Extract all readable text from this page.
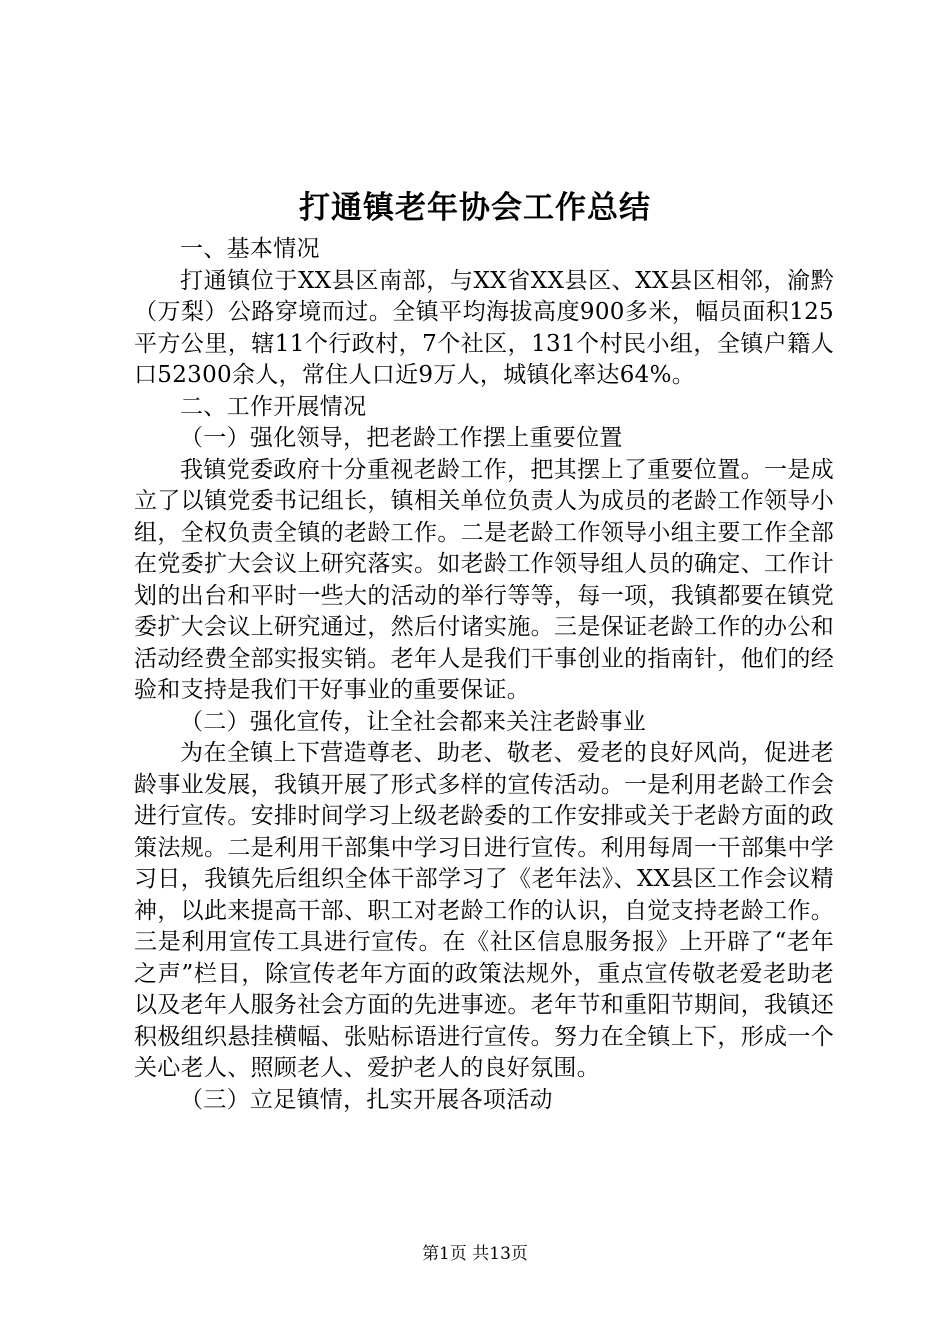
打通镇老年协会工作总结

一、基本情况

打通镇位于XX县区南部，与XX省XX县区、XX县区相邻，渝黔（万梨）公路穿境而过。全镇平均海拔高度900多米，幅员面积125平方公里，辖11个行政村，7个社区，131个村民小组，全镇户籍人口52300余人，常住人口近9万人，城镇化率达64%。

二、工作开展情况

（一）强化领导，把老龄工作摆上重要位置

我镇党委政府十分重视老龄工作，把其摆上了重要位置。一是成立了以镇党委书记组长，镇相关单位负责人为成员的老龄工作领导小组，全权负责全镇的老龄工作。二是老龄工作领导小组主要工作全部在党委扩大会议上研究落实。如老龄工作领导组人员的确定、工作计划的出台和平时一些大的活动的举行等等，每一项，我镇都要在镇党委扩大会议上研究通过，然后付诸实施。三是保证老龄工作的办公和活动经费全部实报实销。老年人是我们干事创业的指南针，他们的经验和支持是我们干好事业的重要保证。

（二）强化宣传，让全社会都来关注老龄事业

为在全镇上下营造尊老、助老、敬老、爱老的良好风尚，促进老龄事业发展，我镇开展了形式多样的宣传活动。一是利用老龄工作会进行宣传。安排时间学习上级老龄委的工作安排或关于老龄方面的政策法规。二是利用干部集中学习日进行宣传。利用每周一干部集中学习日，我镇先后组织全体干部学习了《老年法》、XX县区工作会议精神，以此来提高干部、职工对老龄工作的认识，自觉支持老龄工作。三是利用宣传工具进行宣传。在《社区信息服务报》上开辟了“老年之声”栏目，除宣传老年方面的政策法规外，重点宣传敬老爱老助老以及老年人服务社会方面的先进事迹。老年节和重阳节期间，我镇还积极组织悬挂横幅、张贴标语进行宣传。努力在全镇上下，形成一个关心老人、照顾老人、爱护老人的良好氛围。

（三）立足镇情，扎实开展各项活动

第1页 共13页
